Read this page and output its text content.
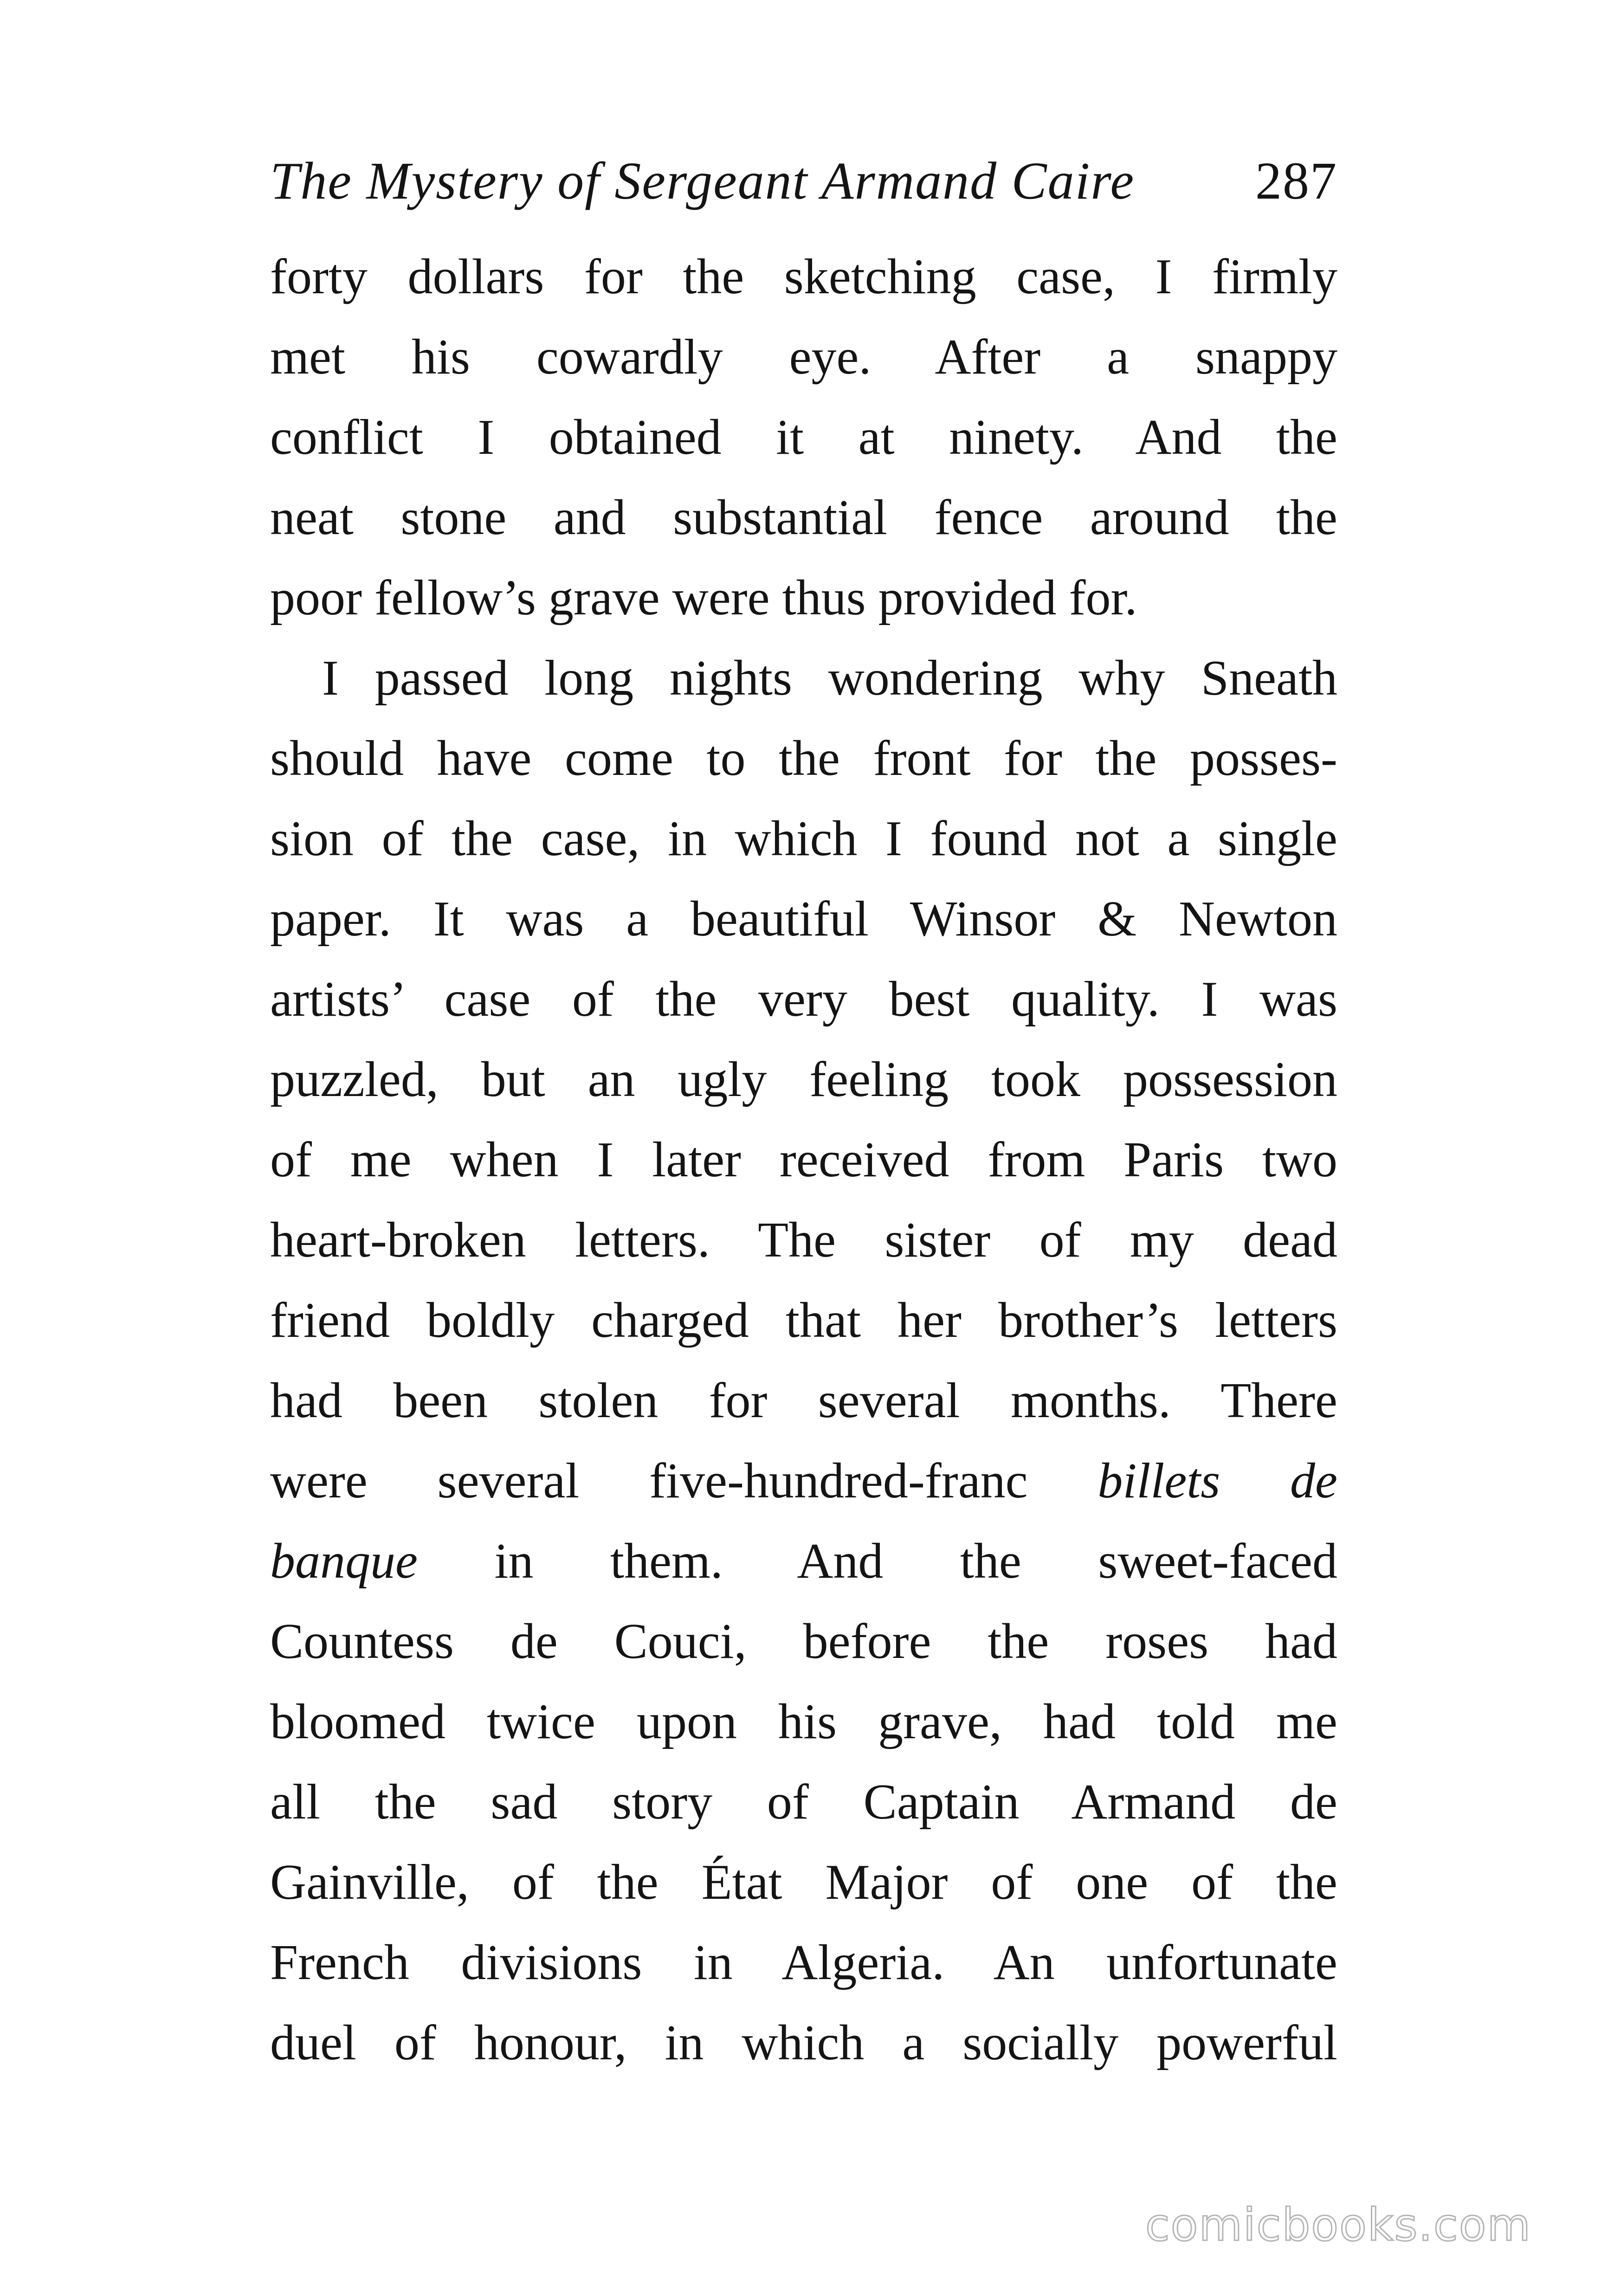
The Mystery of Sergeant Armand Caire 287
forty dollars for the sketching case, I firmly
met his cowardly eye. After a snappy
conflict I obtained it at ninety. And the
neat stone and substantial fence around the
poor fellow’s grave were thus provided for.
I passed long nights wondering why Sneath
should have come to the front for the posses-
sion of the case, in which I found not a single
paper. It was a beautiful Winsor & Newton
artists’ case of the very best quality. I was
puzzled, but an ugly feeling took possession
of me when I later received from Paris two
heart-broken letters. The sister of my dead
friend boldly charged that her brother’s letters
had been stolen for several months. There
were several five-hundred-franc billets de
banque in them. And the sweet-faced
Countess de Couci, before the roses had
bloomed twice upon his grave, had told me
all the sad story of Captain Armand de
Gainville, of the État Major of one of the
French divisions in Algeria. An unfortunate
duel of honour, in which a socially powerful
comicbooks.com
